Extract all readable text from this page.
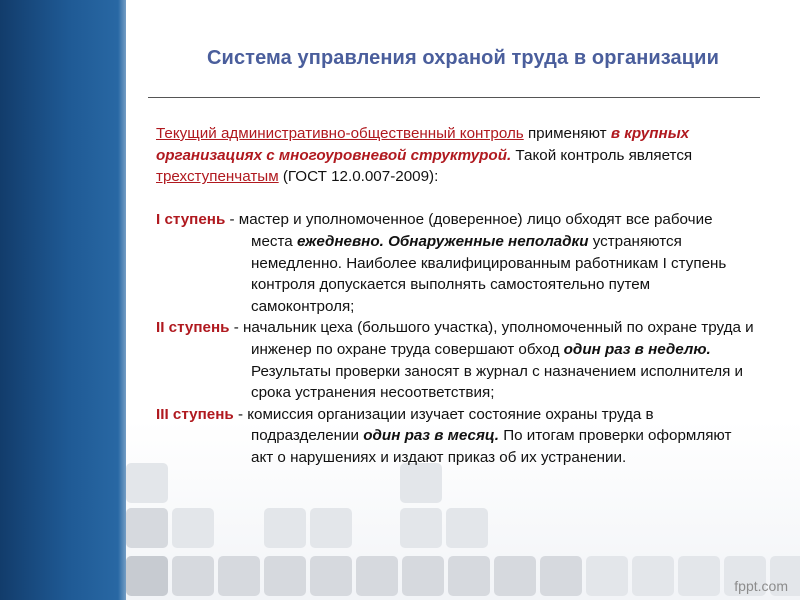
Система управления охраной труда в организации

Текущий административно-общественный контроль применяют в крупных организациях с многоуровневой структурой. Такой контроль является трехступенчатым (ГОСТ 12.0.007-2009):

I ступень - мастер и уполномоченное (доверенное) лицо обходят все рабочие места ежедневно. Обнаруженные неполадки устраняются немедленно. Наиболее квалифицированным работникам I ступень контроля допускается выполнять самостоятельно путем самоконтроля;

II ступень - начальник цеха (большого участка), уполномоченный по охране труда и инженер по охране труда совершают обход один раз в неделю. Результаты проверки заносят в журнал с назначением исполнителя и срока устранения несоответствия;

III ступень - комиссия организации изучает состояние охраны труда в подразделении один раз в месяц. По итогам проверки оформляют акт о нарушениях и издают приказ об их устранении.

fppt.com
